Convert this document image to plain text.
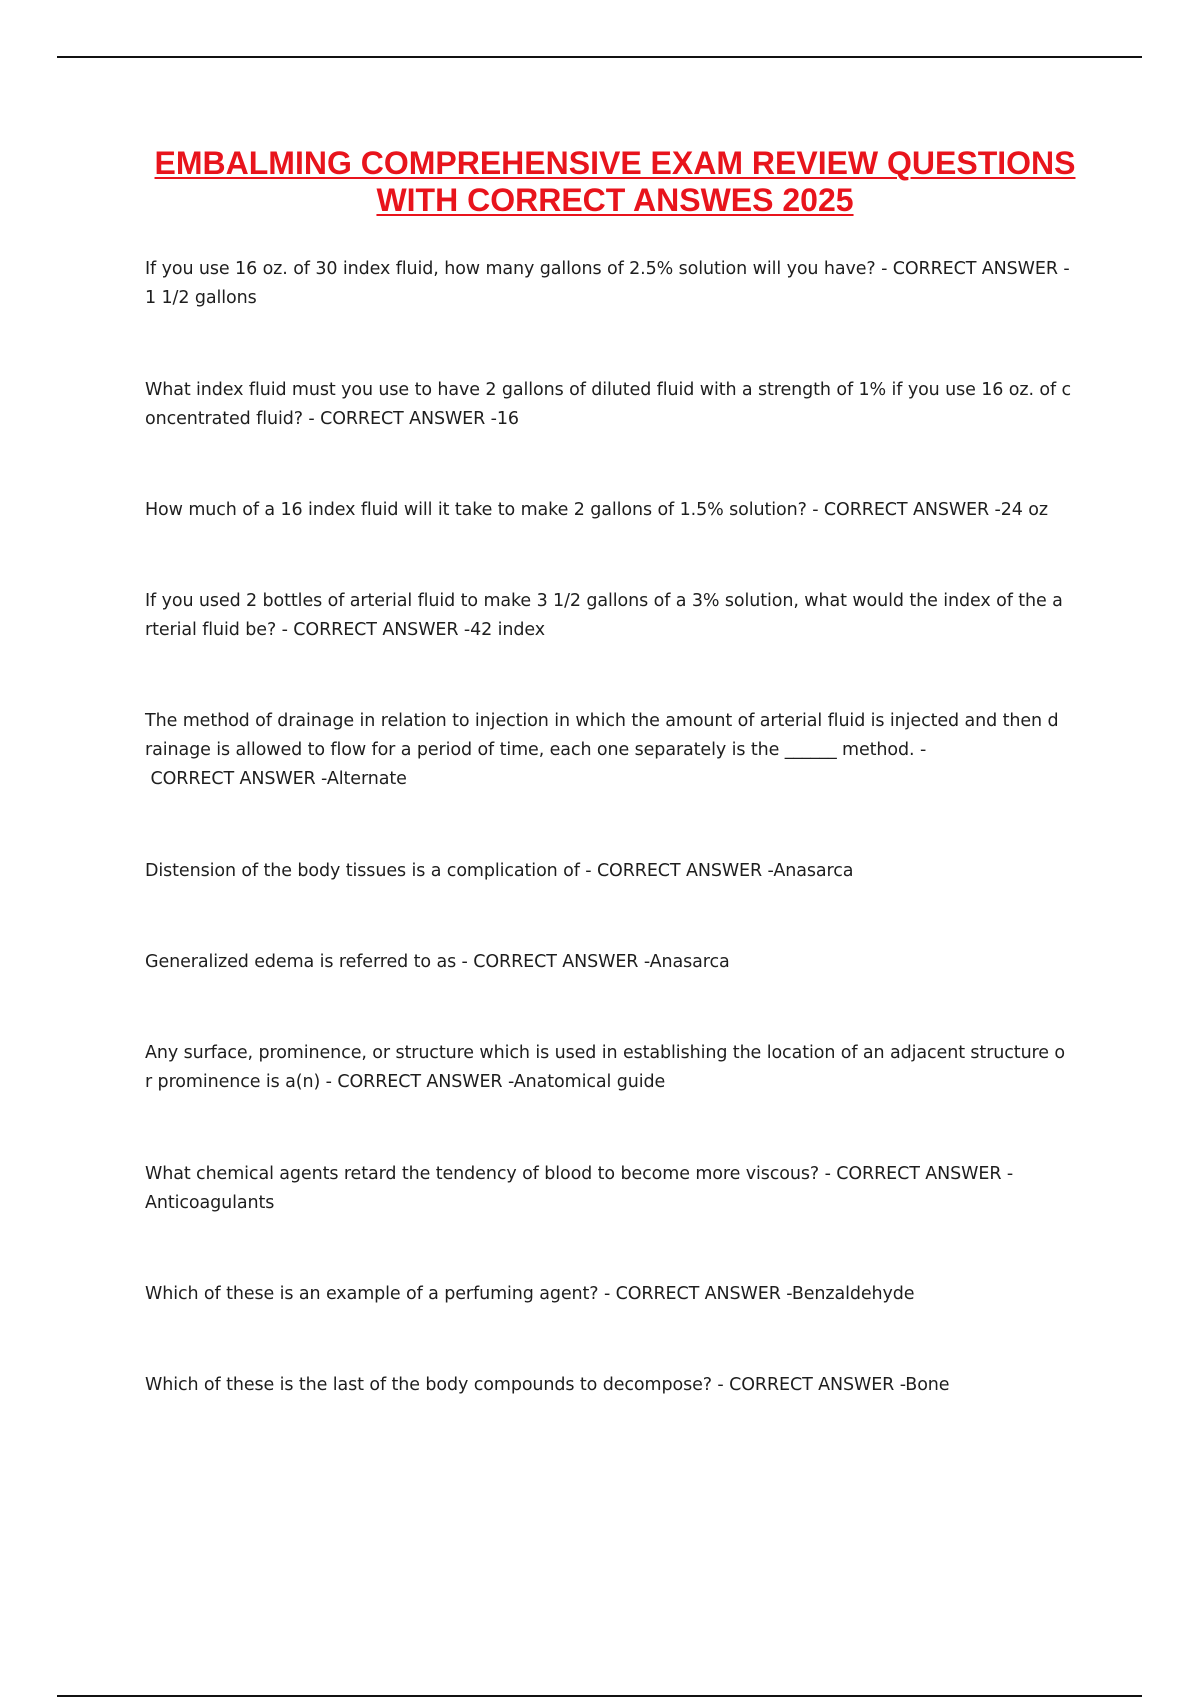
EMBALMING COMPREHENSIVE EXAM REVIEW QUESTIONS
WITH CORRECT ANSWES 2025
If you use 16 oz. of 30 index fluid, how many gallons of 2.5% solution will you have? - CORRECT ANSWER -
1 1/2 gallons
What index fluid must you use to have 2 gallons of diluted fluid with a strength of 1% if you use 16 oz. of c
oncentrated fluid? - CORRECT ANSWER -16
How much of a 16 index fluid will it take to make 2 gallons of 1.5% solution? - CORRECT ANSWER -24 oz
If you used 2 bottles of arterial fluid to make 3 1/2 gallons of a 3% solution, what would the index of the a
rterial fluid be? - CORRECT ANSWER -42 index
The method of drainage in relation to injection in which the amount of arterial fluid is injected and then d
rainage is allowed to flow for a period of time, each one separately is the ______ method. -
CORRECT ANSWER -Alternate
Distension of the body tissues is a complication of - CORRECT ANSWER -Anasarca
Generalized edema is referred to as - CORRECT ANSWER -Anasarca
Any surface, prominence, or structure which is used in establishing the location of an adjacent structure o
r prominence is a(n) - CORRECT ANSWER -Anatomical guide
What chemical agents retard the tendency of blood to become more viscous? - CORRECT ANSWER -
Anticoagulants
Which of these is an example of a perfuming agent? - CORRECT ANSWER -Benzaldehyde
Which of these is the last of the body compounds to decompose? - CORRECT ANSWER -Bone
